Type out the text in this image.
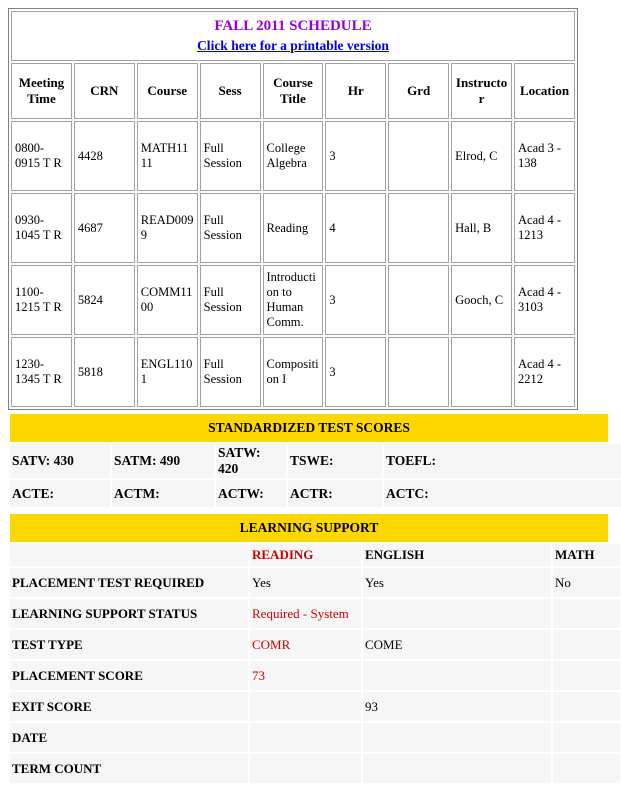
FALL 2011 SCHEDULE
Click here for a printable version								

Meeting Time	CRN	Course	Sess	Course Title	Hr	Grd	Instructor	Location
0800-0915 T R	4428	MATH1111	Full Session	College Algebra	3		Elrod, C	Acad 3 - 138
0930-1045 T R	4687	READ0099	Full Session	Reading	4		Hall, B	Acad 4 - 1213
1100-1215 T R	5824	COMM1100	Full Session	Introduction to Human Comm.	3		Gooch, C	Acad 4 - 3103
1230-1345 T R	5818	ENGL1101	Full Session	Composition I	3			Acad 4 - 2212
STANDARDIZED TEST SCORES
SATV: 430	SATM: 490	SATW: 420	TSWE:	TOEFL:
ACTE:	ACTM:	ACTW:	ACTR:	ACTC:
LEARNING SUPPORT
	READING	ENGLISH	MATH
PLACEMENT TEST REQUIRED	Yes	Yes	No
LEARNING SUPPORT STATUS	Required - System		
TEST TYPE	COMR	COME	
PLACEMENT SCORE	73		
EXIT SCORE		93	
DATE			
TERM COUNT			
